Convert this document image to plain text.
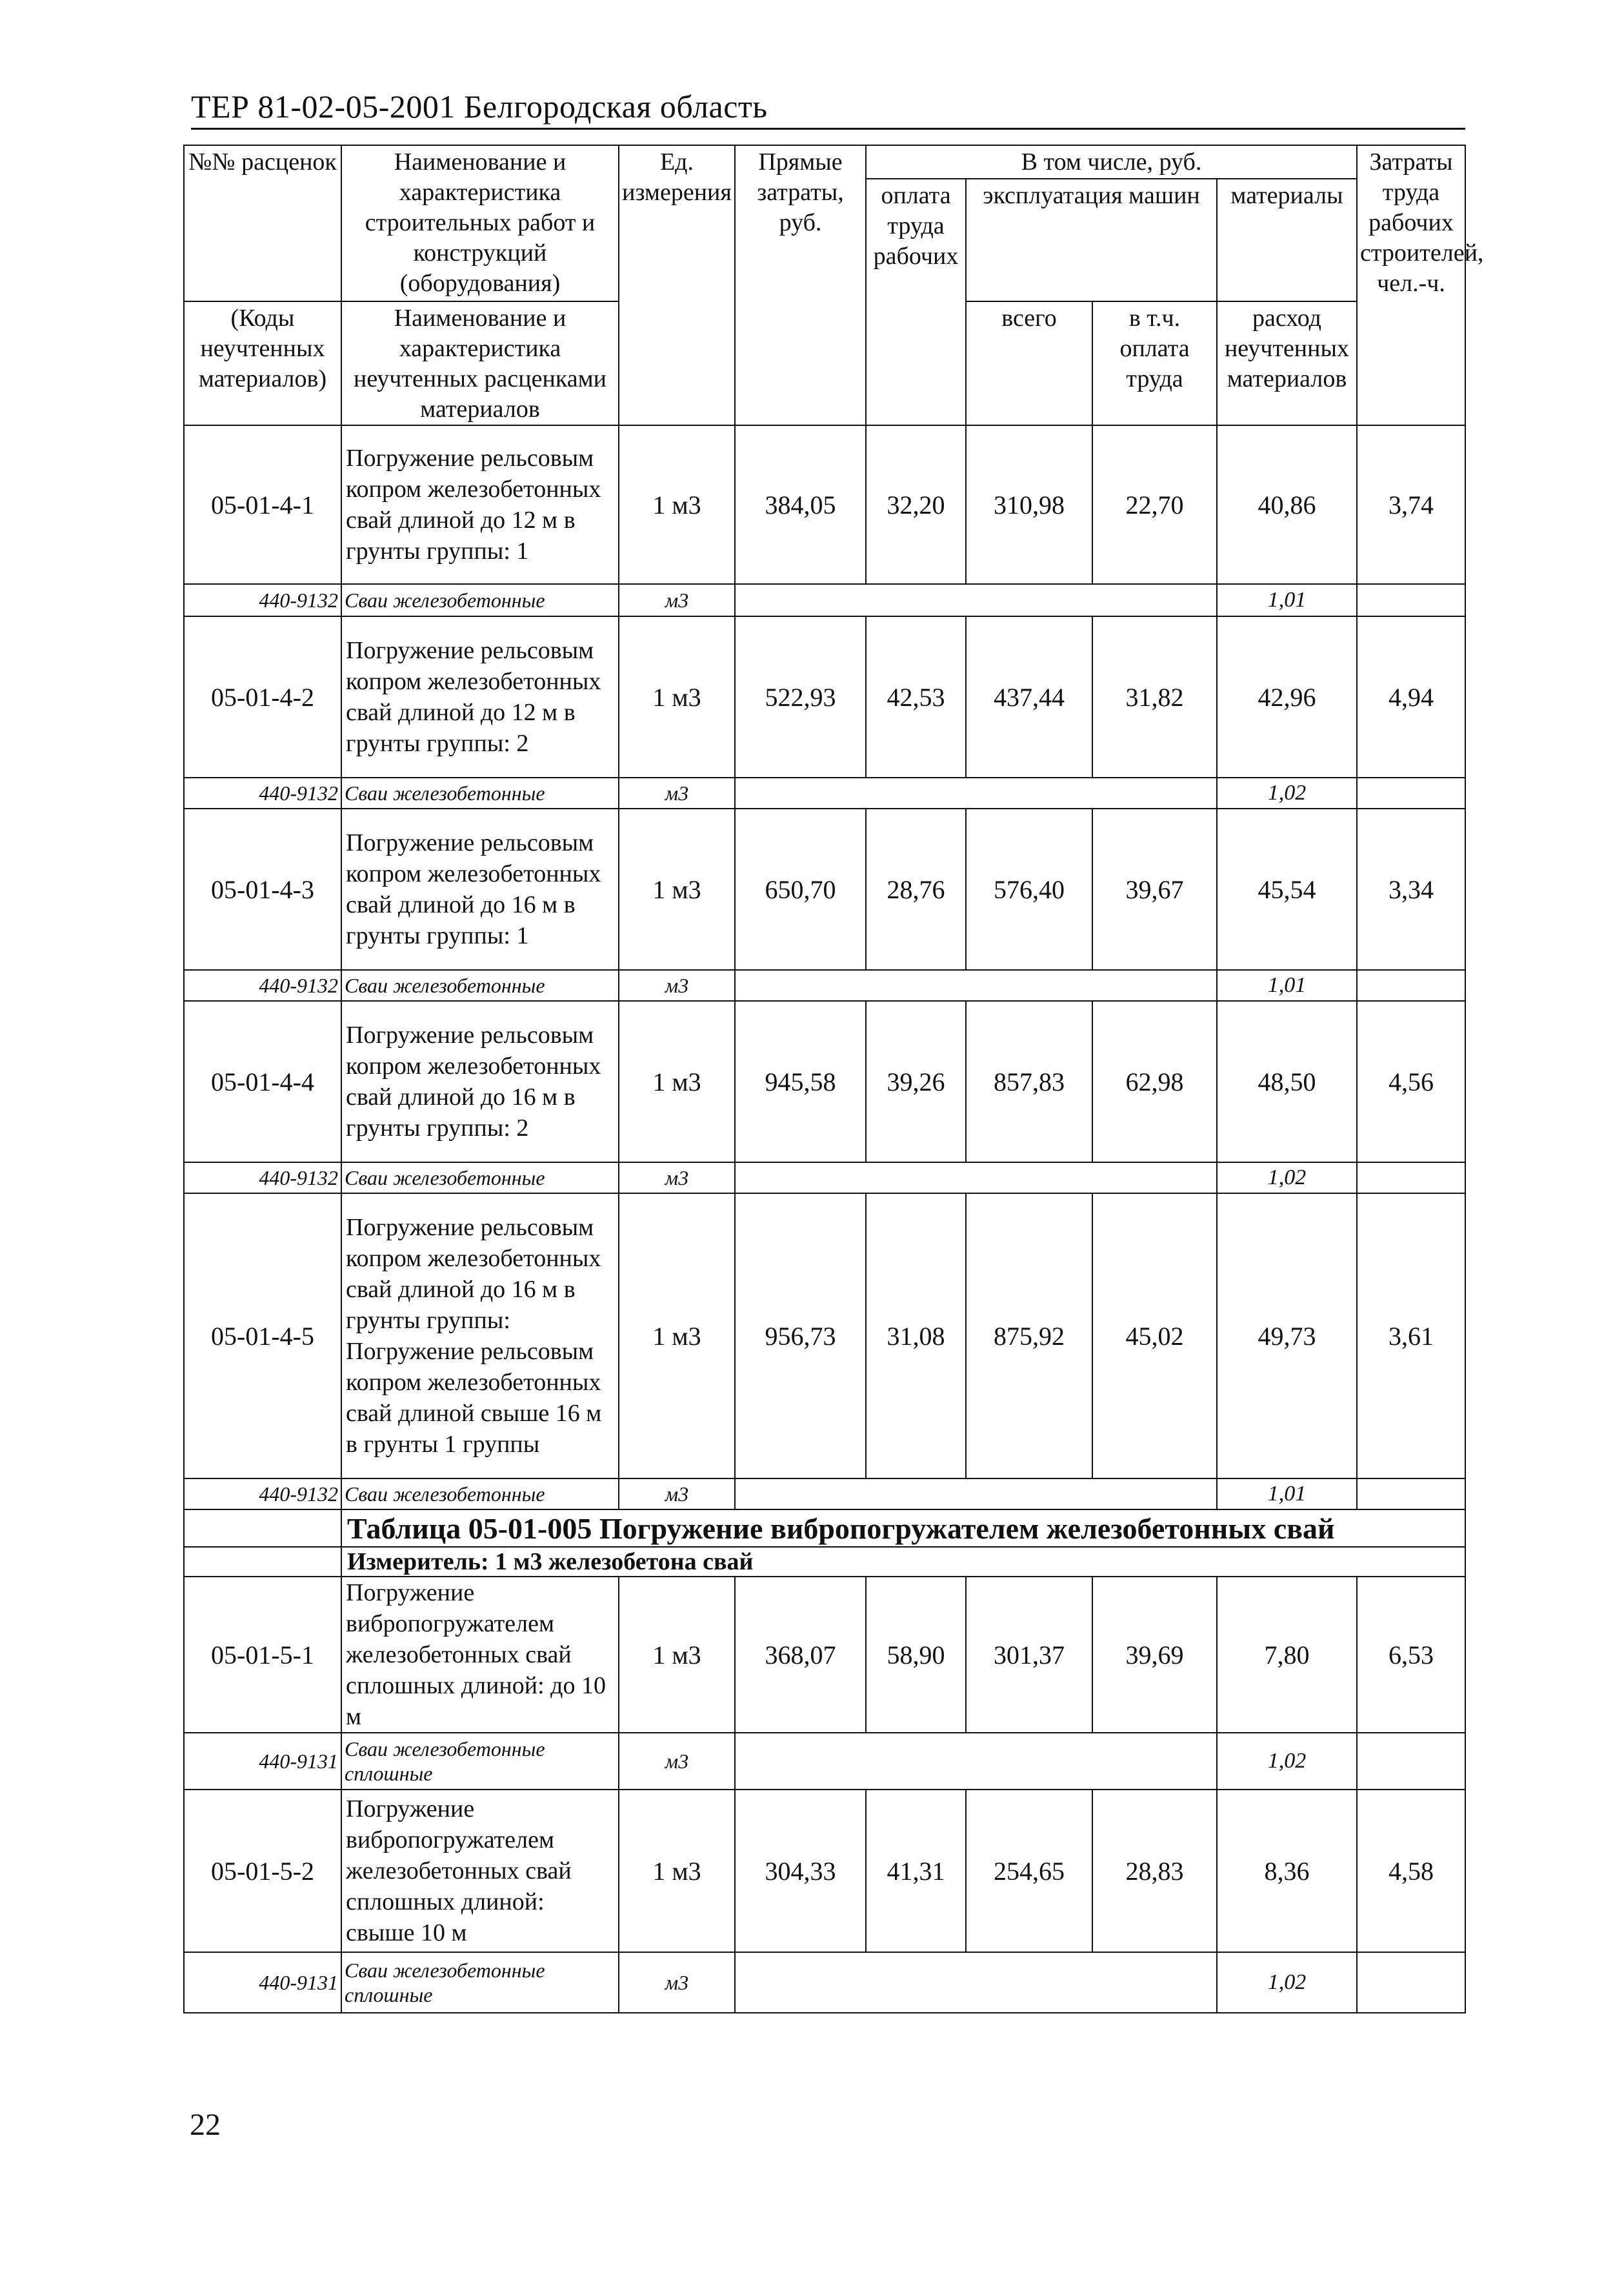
ТЕР 81-02-05-2001 Белгородская область
№№ расценок	Наименование и характеристика строительных работ и конструкций (оборудования)	Ед. измерения	Прямые затраты, руб.	В том числе, руб.				Затраты труда рабочих строителей, чел.-ч.
				оплата труда рабочих	эксплуатация машин		материалы	
(Коды неучтенных материалов)	Наименование и характеристика неучтенных расценками материалов				всего	в т.ч. оплата труда	расход неучтенных материалов	

05-01-4-1	Погружение рельсовым копром железобетонных свай длиной до 12 м в грунты группы: 1	1 м3	384,05	32,20	310,98	22,70	40,86	3,74
440-9132	Сваи железобетонные	м3					1,01	
05-01-4-2	Погружение рельсовым копром железобетонных свай длиной до 12 м в грунты группы: 2	1 м3	522,93	42,53	437,44	31,82	42,96	4,94
440-9132	Сваи железобетонные	м3					1,02	
05-01-4-3	Погружение рельсовым копром железобетонных свай длиной до 16 м в грунты группы: 1	1 м3	650,70	28,76	576,40	39,67	45,54	3,34
440-9132	Сваи железобетонные	м3					1,01	
05-01-4-4	Погружение рельсовым копром железобетонных свай длиной до 16 м в грунты группы: 2	1 м3	945,58	39,26	857,83	62,98	48,50	4,56
440-9132	Сваи железобетонные	м3					1,02	
05-01-4-5	Погружение рельсовым копром железобетонных свай длиной до 16 м в грунты группы: Погружение рельсовым копром железобетонных свай длиной свыше 16 м в грунты 1 группы	1 м3	956,73	31,08	875,92	45,02	49,73	3,61
440-9132	Сваи железобетонные	м3					1,01	
	Таблица 05-01-005 Погружение вибропогружателем железобетонных свай							
	Измеритель: 1 м3 железобетона свай							
05-01-5-1	Погружение вибропогружателем железобетонных свай сплошных длиной: до 10 м	1 м3	368,07	58,90	301,37	39,69	7,80	6,53
440-9131	Сваи железобетонные сплошные	м3					1,02	
05-01-5-2	Погружение вибропогружателем железобетонных свай сплошных длиной: свыше 10 м	1 м3	304,33	41,31	254,65	28,83	8,36	4,58
440-9131	Сваи железобетонные сплошные	м3					1,02	
22
